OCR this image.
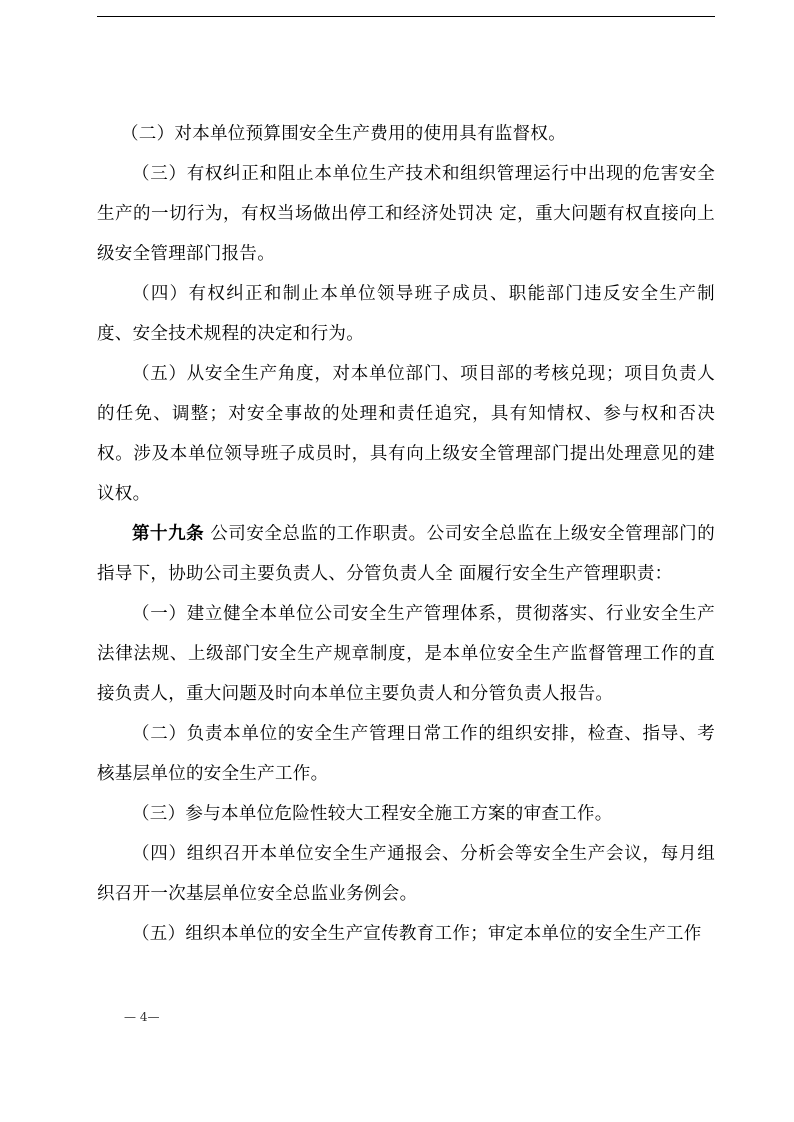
（二）对本单位预算围安全生产费用的使用具有监督权。

（三）有权纠正和阻止本单位生产技术和组织管理运行中出现的危害安全生产的一切行为，有权当场做出停工和经济处罚决 定，重大问题有权直接向上级安全管理部门报告。

（四）有权纠正和制止本单位领导班子成员、职能部门违反安全生产制度、安全技术规程的决定和行为。

（五）从安全生产角度，对本单位部门、项目部的考核兑现；项目负责人的任免、调整；对安全事故的处理和责任追究，具有知情权、参与权和否决权。涉及本单位领导班子成员时，具有向上级安全管理部门提出处理意见的建议权。

第十九条 公司安全总监的工作职责。公司安全总监在上级安全管理部门的指导下，协助公司主要负责人、分管负责人全 面履行安全生产管理职责：

（一）建立健全本单位公司安全生产管理体系，贯彻落实、行业安全生产法律法规、上级部门安全生产规章制度，是本单位安全生产监督管理工作的直接负责人，重大问题及时向本单位主要负责人和分管负责人报告。

（二）负责本单位的安全生产管理日常工作的组织安排，检查、指导、考核基层单位的安全生产工作。

（三）参与本单位危险性较大工程安全施工方案的审查工作。

（四）组织召开本单位安全生产通报会、分析会等安全生产会议，每月组织召开一次基层单位安全总监业务例会。

（五）组织本单位的安全生产宣传教育工作；审定本单位的安全生产工作

— 4—
